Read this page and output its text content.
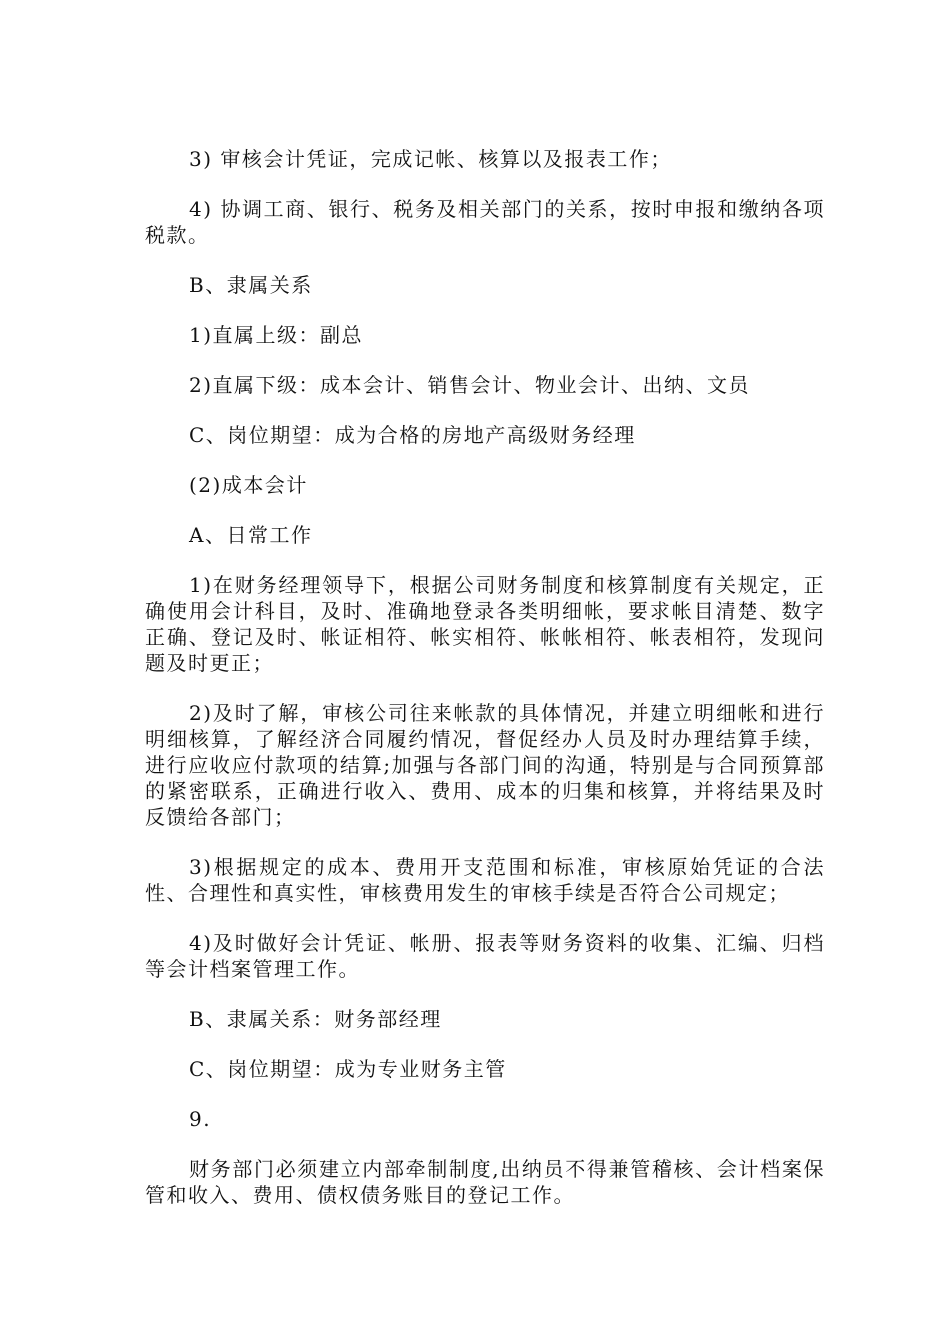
3) 审核会计凭证，完成记帐、核算以及报表工作；

4) 协调工商、银行、税务及相关部门的关系，按时申报和缴纳各项税款。

B、隶属关系

1)直属上级：副总

2)直属下级：成本会计、销售会计、物业会计、出纳、文员

C、岗位期望：成为合格的房地产高级财务经理

(2)成本会计

A、日常工作

1)在财务经理领导下，根据公司财务制度和核算制度有关规定，正确使用会计科目，及时、准确地登录各类明细帐，要求帐目清楚、数字正确、登记及时、帐证相符、帐实相符、帐帐相符、帐表相符，发现问题及时更正；

2)及时了解，审核公司往来帐款的具体情况，并建立明细帐和进行明细核算，了解经济合同履约情况，督促经办人员及时办理结算手续，进行应收应付款项的结算;加强与各部门间的沟通，特别是与合同预算部的紧密联系，正确进行收入、费用、成本的归集和核算，并将结果及时反馈给各部门；

3)根据规定的成本、费用开支范围和标准，审核原始凭证的合法性、合理性和真实性，审核费用发生的审核手续是否符合公司规定；

4)及时做好会计凭证、帐册、报表等财务资料的收集、汇编、归档等会计档案管理工作。

B、隶属关系：财务部经理

C、岗位期望：成为专业财务主管

9.

财务部门必须建立内部牵制制度,出纳员不得兼管稽核、会计档案保管和收入、费用、债权债务账目的登记工作。
